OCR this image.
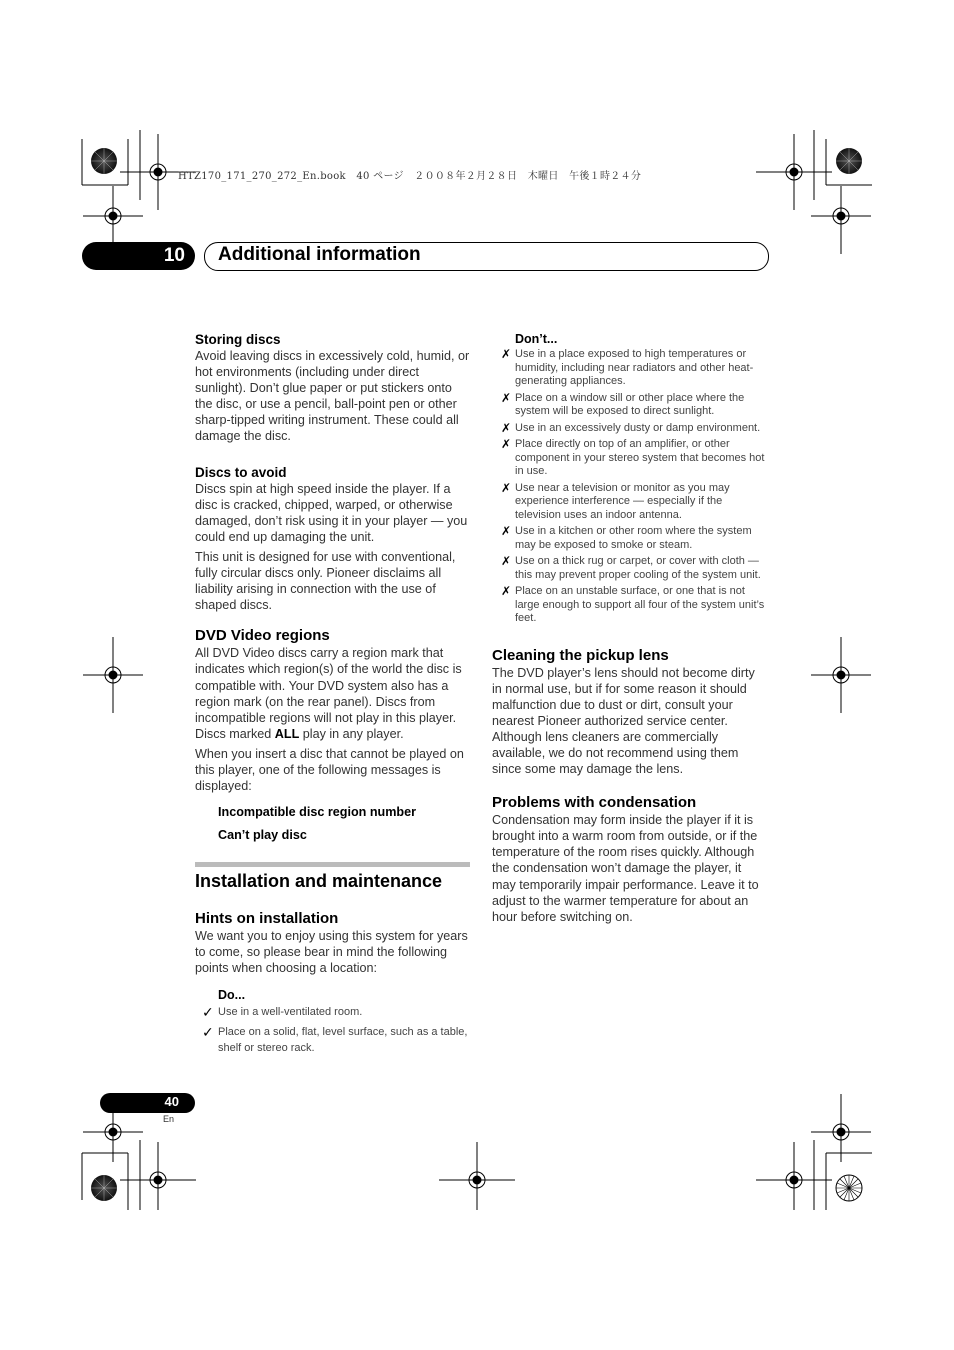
HTZ170_171_270_272_En.book   40 ページ   ２００８年２月２８日   木曜日   午後１時２４分
10 Additional information
Storing discs

Avoid leaving discs in excessively cold, humid, or hot environments (including under direct sunlight). Don’t glue paper or put stickers onto the disc, or use a pencil, ball-point pen or other sharp-tipped writing instrument. These could all damage the disc.

Discs to avoid

Discs spin at high speed inside the player. If a disc is cracked, chipped, warped, or otherwise damaged, don’t risk using it in your player — you could end up damaging the unit.

This unit is designed for use with conventional, fully circular discs only. Pioneer disclaims all liability arising in connection with the use of shaped discs.

DVD Video regions

All DVD Video discs carry a region mark that indicates which region(s) of the world the disc is compatible with. Your DVD system also has a region mark (on the rear panel). Discs from incompatible regions will not play in this player. Discs marked ALL play in any player.

When you insert a disc that cannot be played on this player, one of the following messages is displayed:

Incompatible disc region number
Can’t play disc
Installation and maintenance
Hints on installation

We want you to enjoy using this system for years to come, so please bear in mind the following points when choosing a location:

Do...
✓ Use in a well-ventilated room.
✓ Place on a solid, flat, level surface, such as a table, shelf or stereo rack.
Don’t...
✗ Use in a place exposed to high temperatures or humidity, including near radiators and other heat-generating appliances.
✗ Place on a window sill or other place where the system will be exposed to direct sunlight.
✗ Use in an excessively dusty or damp environment.
✗ Place directly on top of an amplifier, or other component in your stereo system that becomes hot in use.
✗ Use near a television or monitor as you may experience interference — especially if the television uses an indoor antenna.
✗ Use in a kitchen or other room where the system may be exposed to smoke or steam.
✗ Use on a thick rug or carpet, or cover with cloth — this may prevent proper cooling of the system unit.
✗ Place on an unstable surface, or one that is not large enough to support all four of the system unit’s feet.
Cleaning the pickup lens

The DVD player’s lens should not become dirty in normal use, but if for some reason it should malfunction due to dust or dirt, consult your nearest Pioneer authorized service center. Although lens cleaners are commercially available, we do not recommend using them since some may damage the lens.

Problems with condensation

Condensation may form inside the player if it is brought into a warm room from outside, or if the temperature of the room rises quickly. Although the condensation won’t damage the player, it may temporarily impair performance. Leave it to adjust to the warmer temperature for about an hour before switching on.

40
En
